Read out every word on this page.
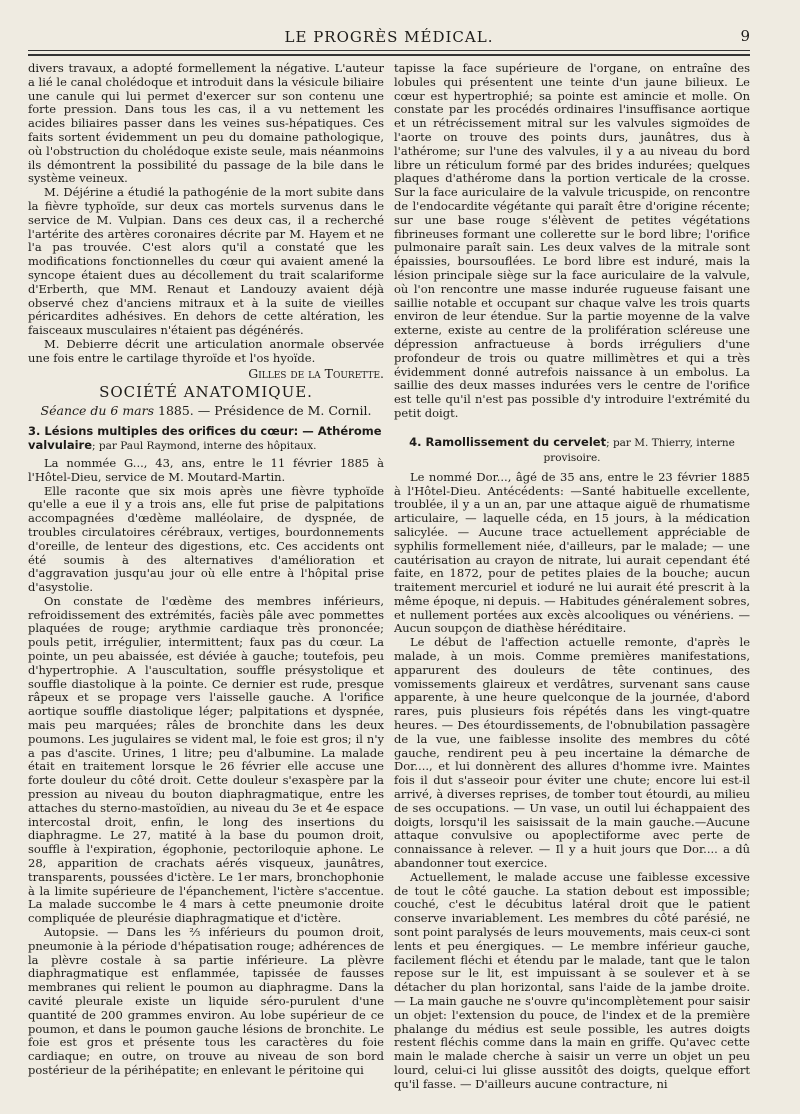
LE PROGRÈS MÉDICAL.	9

divers travaux, a adopté formellement la négative. L'auteur a lié le canal cholédoque et introduit dans la vésicule biliaire une canule qui lui permet d'exercer sur son contenu une forte pression. Dans tous les cas, il a vu nettement les acides biliaires passer dans les veines sus-hépatiques. Ces faits sortent évidemment un peu du domaine pathologique, où l'obstruction du cholédoque existe seule, mais néanmoins ils démontrent la possibilité du passage de la bile dans le système veineux.

M. Déjérine a étudié la pathogénie de la mort subite dans la fièvre typhoïde, sur deux cas mortels survenus dans le service de M. Vulpian. Dans ces deux cas, il a recherché l'artérite des artères coronaires décrite par M. Hayem et ne l'a pas trouvée. C'est alors qu'il a constaté que les modifications fonctionnelles du cœur qui avaient amené la syncope étaient dues au décollement du trait scalariforme d'Erberth, que MM. Renaut et Landouzy avaient déjà observé chez d'anciens mitraux et à la suite de vieilles péricardites adhésives. En dehors de cette altération, les faisceaux musculaires n'étaient pas dégénérés.

M. Debierre décrit une articulation anormale observée une fois entre le cartilage thyroïde et l'os hyoïde.

Gilles de la Tourette.
SOCIÉTÉ ANATOMIQUE.
Séance du 6 mars 1885. — Présidence de M. Cornil.
3. Lésions multiples des orifices du cœur: — Athérome valvulaire; par Paul Raymond, interne des hôpitaux.

La nommée G..., 43, ans, entre le 11 février 1885 à l'Hôtel-Dieu, service de M. Moutard-Martin.

Elle raconte que six mois après une fièvre typhoïde qu'elle a eue il y a trois ans, elle fut prise de palpitations accompagnées d'œdème malléolaire, de dyspnée, de troubles circulatoires cérébraux, vertiges, bourdonnements d'oreille, de lenteur des digestions, etc. Ces accidents ont été soumis à des alternatives d'amélioration et d'aggravation jusqu'au jour où elle entre à l'hôpital prise d'asystolie.

On constate de l'œdème des membres inférieurs, refroidissement des extrémités, faciès pâle avec pommettes plaquées de rouge; arythmie cardiaque très prononcée; pouls petit, irrégulier, intermittent; faux pas du cœur. La pointe, un peu abaissée, est déviée à gauche; toutefois, peu d'hypertrophie. A l'auscultation, souffle présystolique et souffle diastolique à la pointe. Ce dernier est rude, presque râpeux et se propage vers l'aisselle gauche. A l'orifice aortique souffle diastolique léger; palpitations et dyspnée, mais peu marquées; râles de bronchite dans les deux poumons. Les jugulaires se vident mal, le foie est gros; il n'y a pas d'ascite. Urines, 1 litre; peu d'albumine. La malade était en traitement lorsque le 26 février elle accuse une forte douleur du côté droit. Cette douleur s'exaspère par la pression au niveau du bouton diaphragmatique, entre les attaches du sterno-mastoïdien, au niveau du 3e et 4e espace intercostal droit, enfin, le long des insertions du diaphragme. Le 27, matité à la base du poumon droit, souffle à l'expiration, égophonie, pectoriloquie aphone. Le 28, apparition de crachats aérés visqueux, jaunâtres, transparents, poussées d'ictère. Le 1er mars, bronchophonie à la limite supérieure de l'épanchement, l'ictère s'accentue. La malade succombe le 4 mars à cette pneumonie droite compliquée de pleurésie diaphragmatique et d'ictère.

Autopsie. — Dans les ⅔ inférieurs du poumon droit, pneumonie à la période d'hépatisation rouge; adhérences de la plèvre costale à sa partie inférieure. La plèvre diaphragmatique est enflammée, tapissée de fausses membranes qui relient le poumon au diaphragme. Dans la cavité pleurale existe un liquide séro-purulent d'une quantité de 200 grammes environ. Au lobe supérieur de ce poumon, et dans le poumon gauche lésions de bronchite. Le foie est gros et présente tous les caractères du foie cardiaque; en outre, on trouve au niveau de son bord postérieur de la périhépatite; en enlevant le péritoine qui

tapisse la face supérieure de l'organe, on entraîne des lobules qui présentent une teinte d'un jaune bilieux. Le cœur est hypertrophié; sa pointe est amincie et molle. On constate par les procédés ordinaires l'insuffisance aortique et un rétrécissement mitral sur les valvules sigmoïdes de l'aorte on trouve des points durs, jaunâtres, dus à l'athérome; sur l'une des valvules, il y a au niveau du bord libre un réticulum formé par des brides indurées; quelques plaques d'athérome dans la portion verticale de la crosse. Sur la face auriculaire de la valvule tricuspide, on rencontre de l'endocardite végétante qui paraît être d'origine récente; sur une base rouge s'élèvent de petites végétations fibrineuses formant une collerette sur le bord libre; l'orifice pulmonaire paraît sain. Les deux valves de la mitrale sont épaissies, boursouflées. Le bord libre est induré, mais la lésion principale siège sur la face auriculaire de la valvule, où l'on rencontre une masse indurée rugueuse faisant une saillie notable et occupant sur chaque valve les trois quarts environ de leur étendue. Sur la partie moyenne de la valve externe, existe au centre de la prolifération scléreuse une dépression anfractueuse à bords irréguliers d'une profondeur de trois ou quatre millimètres et qui a très évidemment donné autrefois naissance à un embolus. La saillie des deux masses indurées vers le centre de l'orifice est telle qu'il n'est pas possible d'y introduire l'extrémité du petit doigt.

4. Ramollissement du cervelet; par M. Thierry, interne provisoire.

Le nommé Dor..., âgé de 35 ans, entre le 23 février 1885 à l'Hôtel-Dieu. Antécédents: —Santé habituelle excellente, troublée, il y a un an, par une attaque aiguë de rhumatisme articulaire, — laquelle céda, en 15 jours, à la médication salicylée. — Aucune trace actuellement appréciable de syphilis formellement niée, d'ailleurs, par le malade; — une cautérisation au crayon de nitrate, lui aurait cependant été faite, en 1872, pour de petites plaies de la bouche; aucun traitement mercuriel et ioduré ne lui aurait été prescrit à la même époque, ni depuis. — Habitudes généralement sobres, et nullement portées aux excès alcooliques ou vénériens. — Aucun soupçon de diathèse héréditaire.

Le début de l'affection actuelle remonte, d'après le malade, à un mois. Comme premières manifestations, apparurent des douleurs de tête continues, des vomissements glaireux et verdâtres, survenant sans cause apparente, à une heure quelconque de la journée, d'abord rares, puis plusieurs fois répétés dans les vingt-quatre heures. — Des étourdissements, de l'obnubilation passagère de la vue, une faiblesse insolite des membres du côté gauche, rendirent peu à peu incertaine la démarche de Dor...., et lui donnèrent des allures d'homme ivre. Maintes fois il dut s'asseoir pour éviter une chute; encore lui est-il arrivé, à diverses reprises, de tomber tout étourdi, au milieu de ses occupations. — Un vase, un outil lui échappaient des doigts, lorsqu'il les saisissait de la main gauche.—Aucune attaque convulsive ou apoplectiforme avec perte de connaissance à relever. — Il y a huit jours que Dor.... a dû abandonner tout exercice.

Actuellement, le malade accuse une faiblesse excessive de tout le côté gauche. La station debout est impossible; couché, c'est le décubitus latéral droit que le patient conserve invariablement. Les membres du côté parésié, ne sont point paralysés de leurs mouvements, mais ceux-ci sont lents et peu énergiques. — Le membre inférieur gauche, facilement fléchi et étendu par le malade, tant que le talon repose sur le lit, est impuissant à se soulever et à se détacher du plan horizontal, sans l'aide de la jambe droite. — La main gauche ne s'ouvre qu'incomplètement pour saisir un objet: l'extension du pouce, de l'index et de la première phalange du médius est seule possible, les autres doigts restent fléchis comme dans la main en griffe. Qu'avec cette main le malade cherche à saisir un verre un objet un peu lourd, celui-ci lui glisse aussitôt des doigts, quelque effort qu'il fasse. — D'ailleurs aucune contracture, ni
